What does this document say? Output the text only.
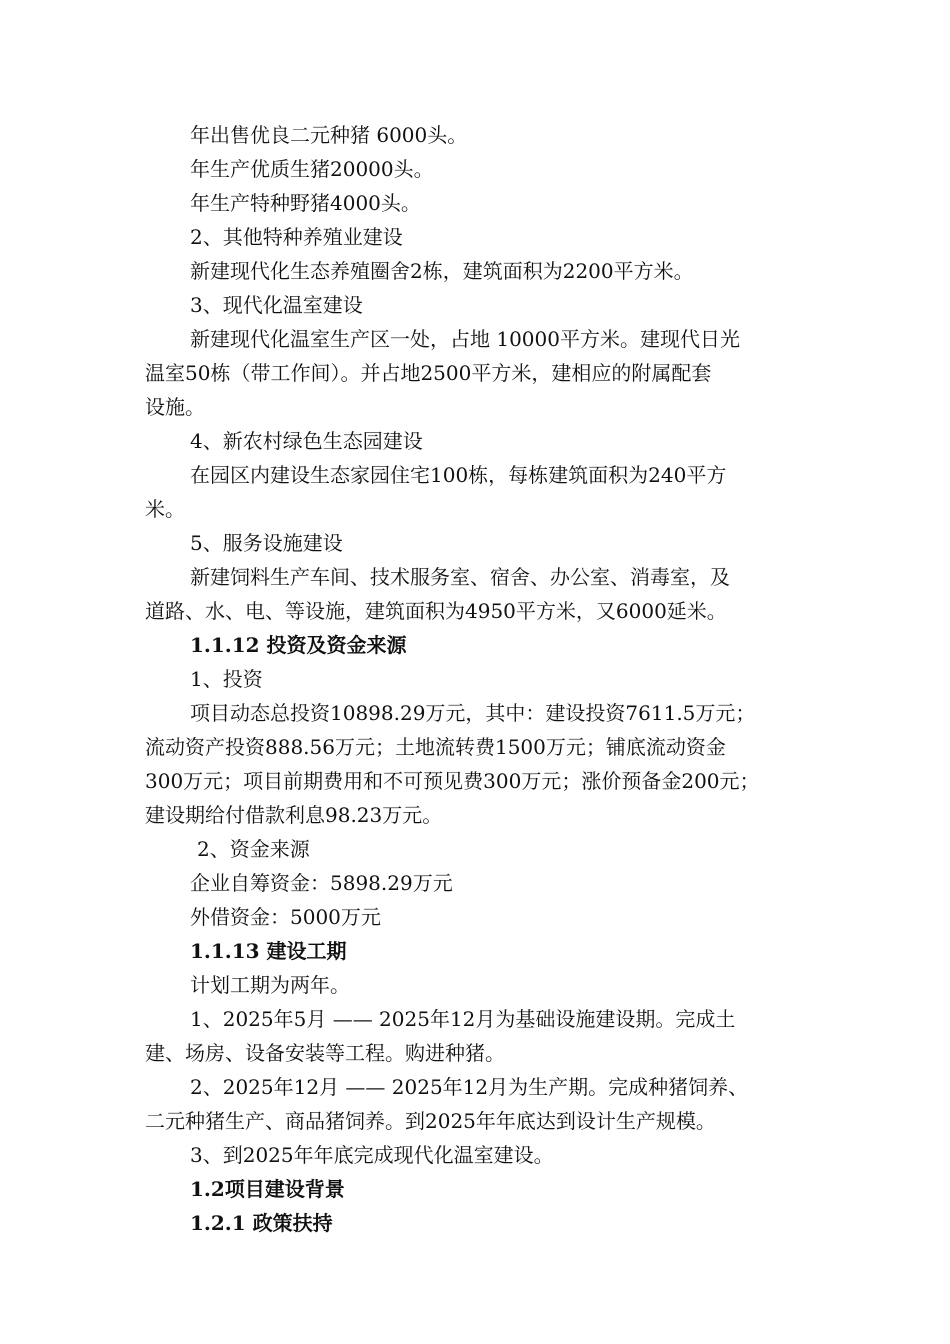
年出售优良二元种猪 6000头。
年生产优质生猪20000头。
年生产特种野猪4000头。
2、其他特种养殖业建设
新建现代化生态养殖圈舍2栋，建筑面积为2200平方米。
3、现代化温室建设
新建现代化温室生产区一处，占地 10000平方米。建现代日光
温室50栋（带工作间）。并占地2500平方米，建相应的附属配套
设施。
4、新农村绿色生态园建设
在园区内建设生态家园住宅100栋，每栋建筑面积为240平方
米。
5、服务设施建设
新建饲料生产车间、技术服务室、宿舍、办公室、消毒室，及
道路、水、电、等设施，建筑面积为4950平方米，又6000延米。
1.1.12 投资及资金来源
1、投资
项目动态总投资10898.29万元，其中：建设投资7611.5万元；
流动资产投资888.56万元；土地流转费1500万元；铺底流动资金
300万元；项目前期费用和不可预见费300万元；涨价预备金200元；
建设期给付借款利息98.23万元。
2、资金来源
企业自筹资金：5898.29万元
外借资金：5000万元
1.1.13 建设工期
计划工期为两年。
1、2025年5月 —— 2025年12月为基础设施建设期。完成土
建、场房、设备安装等工程。购进种猪。
2、2025年12月 —— 2025年12月为生产期。完成种猪饲养、
二元种猪生产、商品猪饲养。到2025年年底达到设计生产规模。
3、到2025年年底完成现代化温室建设。
1.2项目建设背景
1.2.1 政策扶持
